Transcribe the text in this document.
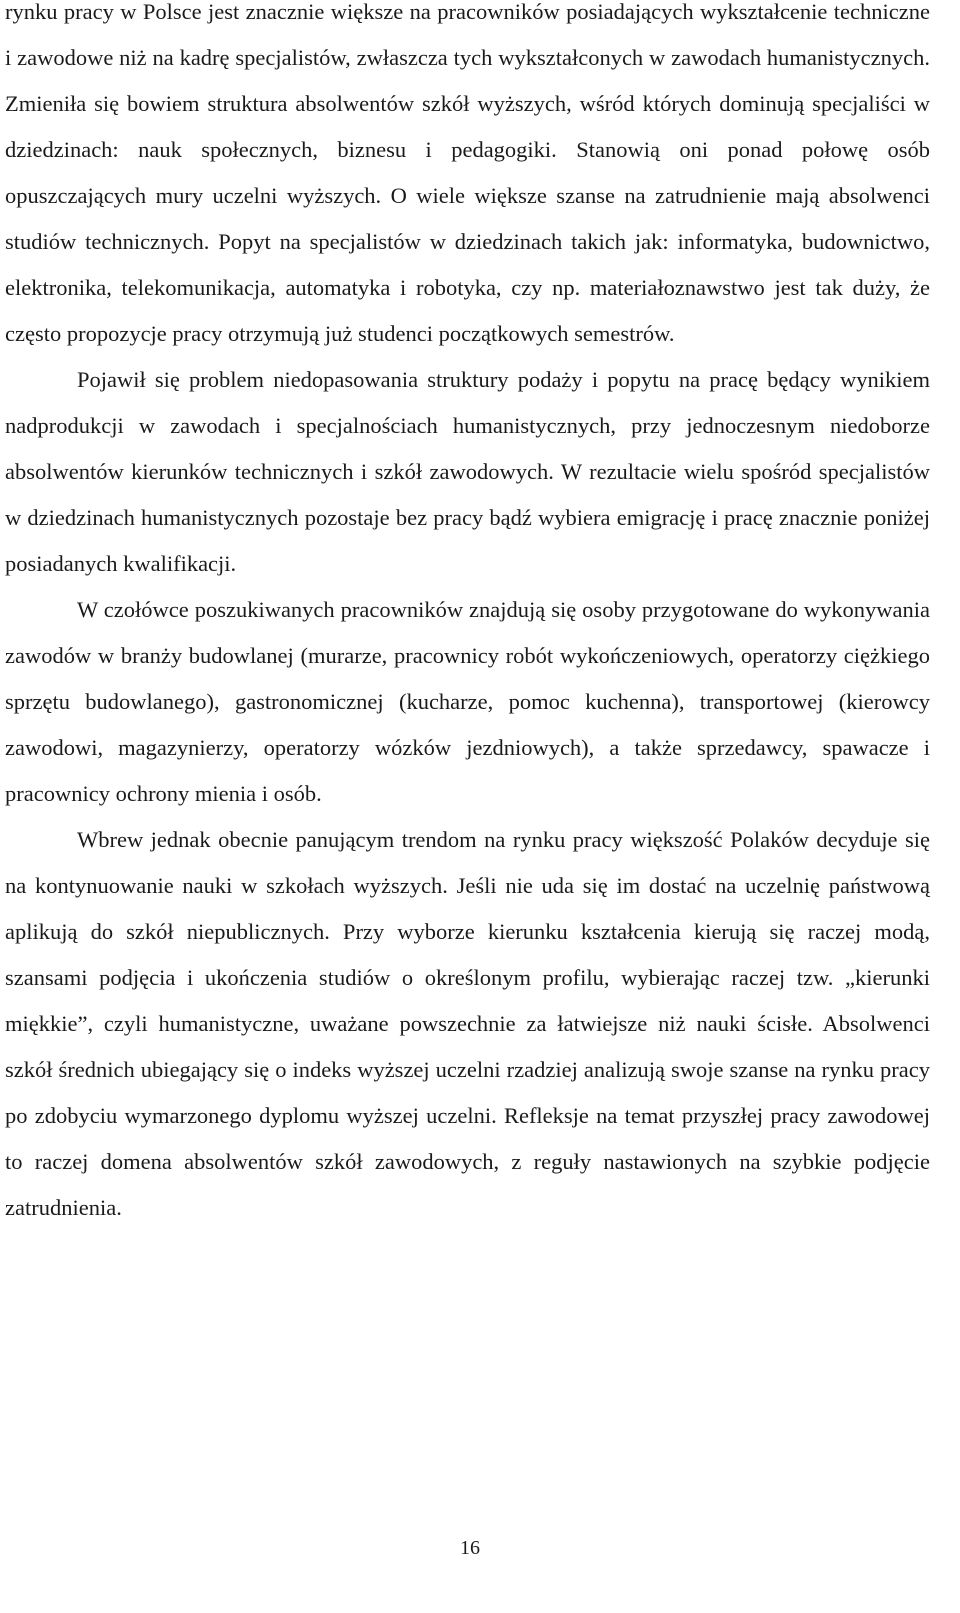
rynku pracy w Polsce jest znacznie większe na pracowników posiadających wykształcenie techniczne i zawodowe niż na kadrę specjalistów, zwłaszcza tych wykształconych w zawodach humanistycznych. Zmieniła się bowiem struktura absolwentów szkół wyższych, wśród których dominują specjaliści w dziedzinach: nauk społecznych, biznesu i pedagogiki. Stanowią oni ponad połowę osób opuszczających mury uczelni wyższych. O wiele większe szanse na zatrudnienie mają absolwenci studiów technicznych. Popyt na specjalistów w dziedzinach takich jak: informatyka, budownictwo, elektronika, telekomunikacja, automatyka i robotyka, czy np. materiałoznawstwo jest tak duży, że często propozycje pracy otrzymują już studenci początkowych semestrów.

Pojawił się problem niedopasowania struktury podaży i popytu na pracę będący wynikiem nadprodukcji w zawodach i specjalnościach humanistycznych, przy jednoczesnym niedoborze absolwentów kierunków technicznych i szkół zawodowych. W rezultacie wielu spośród specjalistów w dziedzinach humanistycznych pozostaje bez pracy bądź wybiera emigrację i pracę znacznie poniżej posiadanych kwalifikacji.

W czołówce poszukiwanych pracowników znajdują się osoby przygotowane do wykonywania zawodów w branży budowlanej (murarze, pracownicy robót wykończeniowych, operatorzy ciężkiego sprzętu budowlanego), gastronomicznej (kucharze, pomoc kuchenna), transportowej (kierowcy zawodowi, magazynierzy, operatorzy wózków jezdniowych), a także sprzedawcy, spawacze i pracownicy ochrony mienia i osób.

Wbrew jednak obecnie panującym trendom na rynku pracy większość Polaków decyduje się na kontynuowanie nauki w szkołach wyższych. Jeśli nie uda się im dostać na uczelnię państwową aplikują do szkół niepublicznych. Przy wyborze kierunku kształcenia kierują się raczej modą, szansami podjęcia i ukończenia studiów o określonym profilu, wybierając raczej tzw. „kierunki miękkie”, czyli humanistyczne, uważane powszechnie za łatwiejsze niż nauki ścisłe. Absolwenci szkół średnich ubiegający się o indeks wyższej uczelni rzadziej analizują swoje szanse na rynku pracy po zdobyciu wymarzonego dyplomu wyższej uczelni. Refleksje na temat przyszłej pracy zawodowej to raczej domena absolwentów szkół zawodowych, z reguły nastawionych na szybkie podjęcie zatrudnienia.

16
